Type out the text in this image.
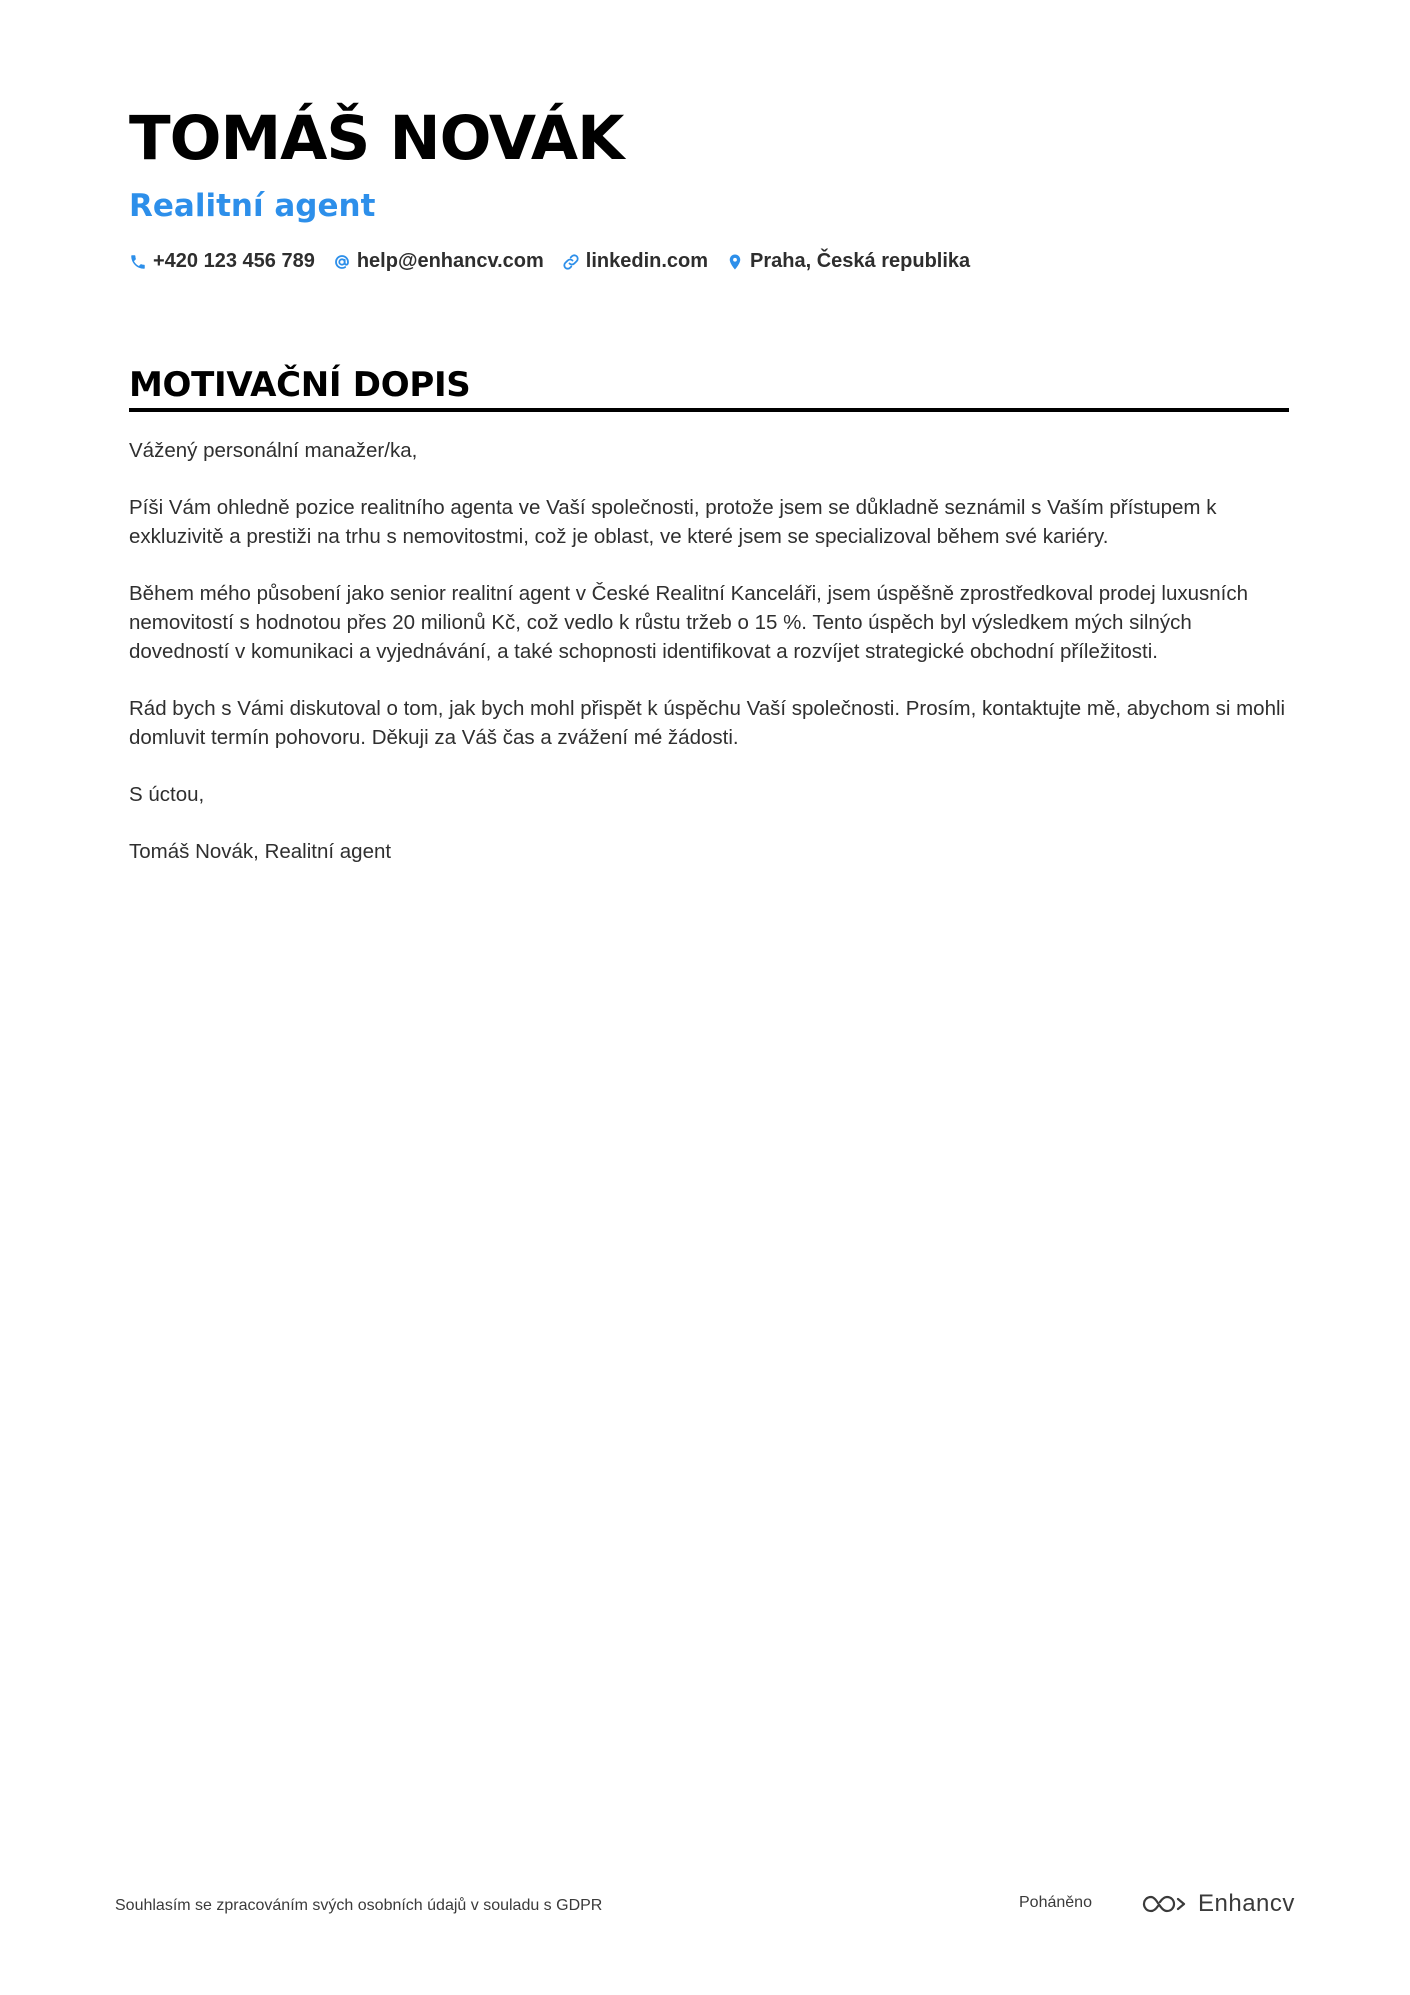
TOMÁŠ NOVÁK
Realitní agent
+420 123 456 789 help@enhancv.com linkedin.com Praha, Česká republika
MOTIVAČNÍ DOPIS

Vážený personální manažer/ka,

Píši Vám ohledně pozice realitního agenta ve Vaší společnosti, protože jsem se důkladně seznámil s Vaším přístupem k exkluzivitě a prestiži na trhu s nemovitostmi, což je oblast, ve které jsem se specializoval během své kariéry.

Během mého působení jako senior realitní agent v České Realitní Kanceláři, jsem úspěšně zprostředkoval prodej luxusních nemovitostí s hodnotou přes 20 milionů Kč, což vedlo k růstu tržeb o 15 %. Tento úspěch byl výsledkem mých silných dovedností v komunikaci a vyjednávání, a také schopnosti identifikovat a rozvíjet strategické obchodní příležitosti.

Rád bych s Vámi diskutoval o tom, jak bych mohl přispět k úspěchu Vaší společnosti. Prosím, kontaktujte mě, abychom si mohli domluvit termín pohovoru. Děkuji za Váš čas a zvážení mé žádosti.

S úctou,

Tomáš Novák, Realitní agent

Souhlasím se zpracováním svých osobních údajů v souladu s GDPR	Poháněno	Enhancv
